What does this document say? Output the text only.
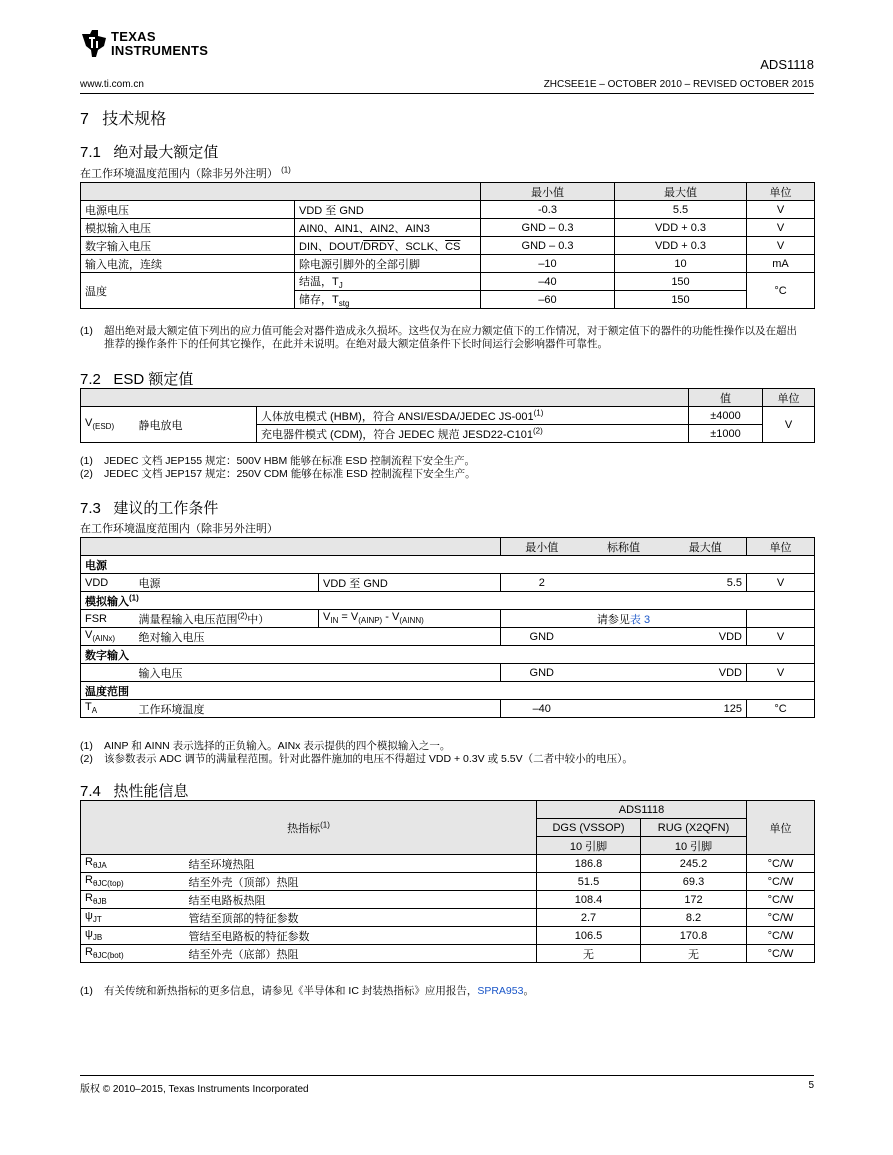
TEXAS
INSTRUMENTS
ADS1118
www.ti.com.cn	ZHCSEE1E – OCTOBER 2010 – REVISED OCTOBER 2015
7   技术规格
7.1   绝对最大额定值
在工作环境温度范围内（除非另外注明） $^{(1)}$
		最小值	最大值	单位
电源电压	VDD 至 GND	-0.3	5.5	V
模拟输入电压	AIN0、AIN1、AIN2、AIN3	GND – 0.3	VDD + 0.3	V
数字输入电压	DIN、DOUT/DRDY、SCLK、$\overline{CS}$	GND – 0.3	VDD + 0.3	V
输入电流，连续	除电源引脚外的全部引脚	–10	10	mA
温度	结温，$T_J$	–40	150	°C
	储存，$T_{stg}$	–60	150	
(1) 超出绝对最大额定值下列出的应力值可能会对器件造成永久损坏。这些仅为在应力额定值下的工作情况，对于额定值下的器件的功能性操作以及在超出推荐的操作条件下的任何其它操作，在此并未说明。在绝对最大额定值条件下长时间运行会影响器件可靠性。
7.2   ESD 额定值
			值	单位
$V_{(ESD)}$	静电放电	人体放电模式 (HBM)，符合 ANSI/ESDA/JEDEC $JS-001^{(1)}$	±4000	V
		充电器件模式 (CDM)，符合 JEDEC 规范 $JESD22-C101^{(2)}$	±1000	
(1) JEDEC 文档 JEP155 规定：500V HBM 能够在标准 ESD 控制流程下安全生产。
(2) JEDEC 文档 JEP157 规定：250V CDM 能够在标准 ESD 控制流程下安全生产。
7.3   建议的工作条件
在工作环境温度范围内（除非另外注明）
			最小值	标称值	最大值	单位
电源						
VDD	电源	VDD 至 GND	2		5.5	V
模拟输入$^{(1)}$
FSR	满量程输入电压范围$^{(2)}$中）	$V_{IN} = V_{(AINP)} - V_{(AINN)}$	请参见表 3			
$V_{(AINx)}$	绝对输入电压		GND		VDD	V
数字输入						
	输入电压		GND		VDD	V
温度范围						
$T_A$	工作环境温度		–40		125	°C
(1) AINP 和 AINN 表示选择的正负输入。AINx 表示提供的四个模拟输入之一。
(2) 该参数表示 ADC 调节的满量程范围。针对此器件施加的电压不得超过 VDD + 0.3V 或 5.5V（二者中较小的电压）。
7.4   热性能信息
热指标$^{(1)}$		ADS1118		单位
		DGS (VSSOP)	RUG (X2QFN)	
		10 引脚	10 引脚	
$R_{\theta JA}$	结至环境热阻	186.8	245.2	°C/W
$R_{\theta JC(top)}$	结至外壳（顶部）热阻	51.5	69.3	°C/W
$R_{\theta JB}$	结至电路板热阻	108.4	172	°C/W
$\psi_{JT}$	管结至顶部的特征参数	2.7	8.2	°C/W
$\psi_{JB}$	管结至电路板的特征参数	106.5	170.8	°C/W
$R_{\theta JC(bot)}$	结至外壳（底部）热阻	无	无	°C/W
(1) 有关传统和新热指标的更多信息，请参见《半导体和 IC 封装热指标》应用报告，SPRA953。
版权 © 2010–2015, Texas Instruments Incorporated	5
